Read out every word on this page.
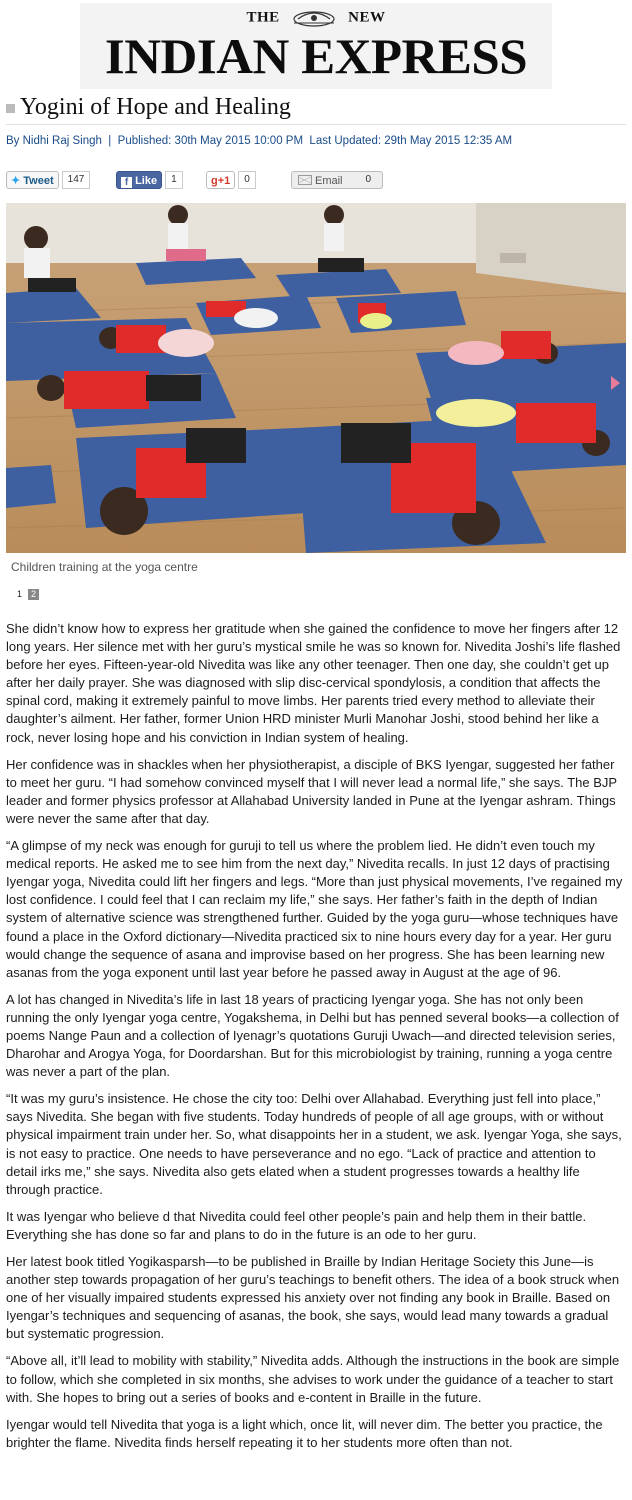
THE	NEW
INDIAN EXPRESS
Yogini of Hope and Healing
By Nidhi Raj Singh  |  Published: 30th May 2015 10:00 PM  Last Updated: 29th May 2015 12:35 AM
✦ Tweet 147	f Like 1	g+1 0	Email 0
Children training at the yoga centre
1 2

She didn’t know how to express her gratitude when she gained the confidence to move her fingers after 12 long years. Her silence met with her guru’s mystical smile he was so known for. Nivedita Joshi’s life flashed before her eyes. Fifteen-year-old Nivedita was like any other teenager. Then one day, she couldn’t get up after her daily prayer. She was diagnosed with slip disc-cervical spondylosis, a condition that affects the spinal cord, making it extremely painful to move limbs. Her parents tried every method to alleviate their daughter’s ailment. Her father, former Union HRD minister Murli Manohar Joshi, stood behind her like a rock, never losing hope and his conviction in Indian system of healing.

Her confidence was in shackles when her physiotherapist, a disciple of BKS Iyengar, suggested her father to meet her guru. “I had somehow convinced myself that I will never lead a normal life,” she says. The BJP leader and former physics professor at Allahabad University landed in Pune at the Iyengar ashram. Things were never the same after that day.

“A glimpse of my neck was enough for guruji to tell us where the problem lied. He didn’t even touch my medical reports. He asked me to see him from the next day,” Nivedita recalls. In just 12 days of practising Iyengar yoga, Nivedita could lift her fingers and legs. “More than just physical movements, I’ve regained my lost confidence. I could feel that I can reclaim my life,” she says. Her father’s faith in the depth of Indian system of alternative science was strengthened further. Guided by the yoga guru—whose techniques have found a place in the Oxford dictionary—Nivedita practiced six to nine hours every day for a year. Her guru would change the sequence of asana and improvise based on her progress. She has been learning new asanas from the yoga exponent until last year before he passed away in August at the age of 96.

A lot has changed in Nivedita’s life in last 18 years of practicing Iyengar yoga. She has not only been running the only Iyengar yoga centre, Yogakshema, in Delhi but has penned several books—a collection of poems Nange Paun and a collection of Iyenagr’s quotations Guruji Uwach—and directed television series, Dharohar and Arogya Yoga, for Doordarshan. But for this microbiologist by training, running a yoga centre was never a part of the plan.

“It was my guru’s insistence. He chose the city too: Delhi over Allahabad. Everything just fell into place,” says Nivedita. She began with five students. Today hundreds of people of all age groups, with or without physical impairment train under her. So, what disappoints her in a student, we ask. Iyengar Yoga, she says, is not easy to practice. One needs to have perseverance and no ego. “Lack of practice and attention to detail irks me,” she says. Nivedita also gets elated when a student progresses towards a healthy life through practice.

It was Iyengar who believe d that Nivedita could feel other people’s pain and help them in their battle. Everything she has done so far and plans to do in the future is an ode to her guru.

Her latest book titled Yogikasparsh—to be published in Braille by Indian Heritage Society this June—is another step towards propagation of her guru’s teachings to benefit others. The idea of a book struck when one of her visually impaired students expressed his anxiety over not finding any book in Braille. Based on Iyengar’s techniques and sequencing of asanas, the book, she says, would lead many towards a gradual but systematic progression.

“Above all, it’ll lead to mobility with stability,” Nivedita adds. Although the instructions in the book are simple to follow, which she completed in six months, she advises to work under the guidance of a teacher to start with. She hopes to bring out a series of books and e-content in Braille in the future.

Iyengar would tell Nivedita that yoga is a light which, once lit, will never dim. The better you practice, the brighter the flame. Nivedita finds herself repeating it to her students more often than not.
